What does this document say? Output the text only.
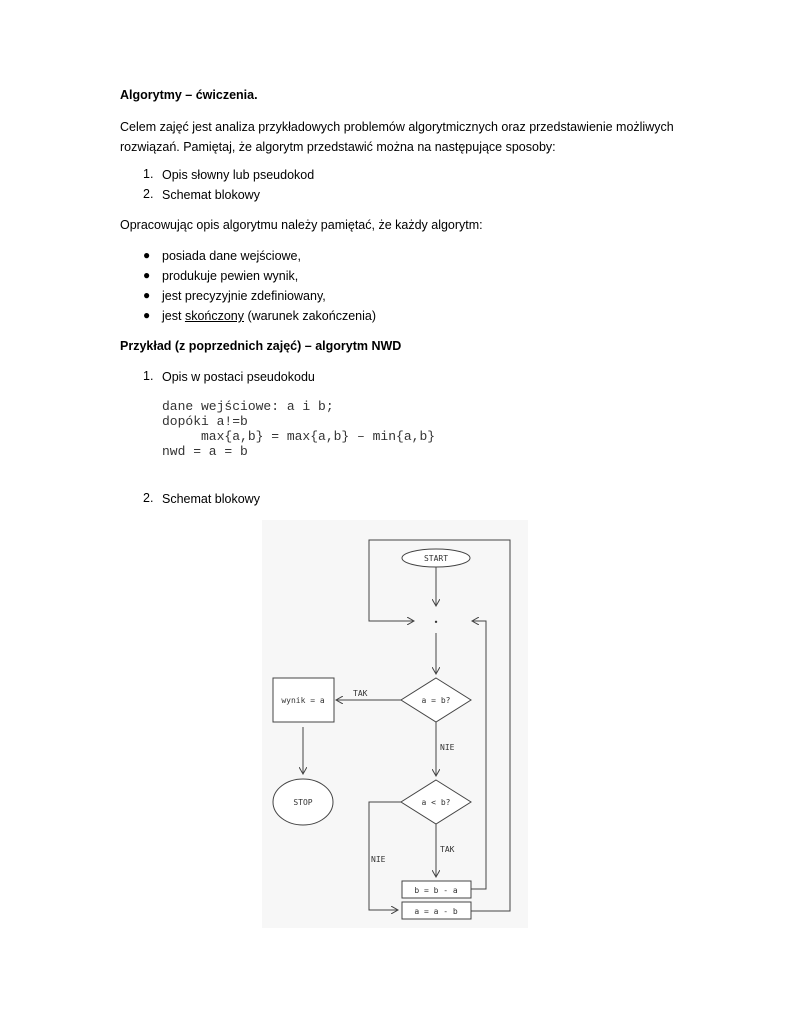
Algorytmy – ćwiczenia.
Celem zajęć jest analiza przykładowych problemów algorytmicznych oraz przedstawienie możliwych rozwiązań. Pamiętaj, że algorytm przedstawić można na następujące sposoby:
1. Opis słowny lub pseudokod
2. Schemat blokowy
Opracowując opis algorytmu należy pamiętać, że każdy algorytm:
● posiada dane wejściowe,
● produkuje pewien wynik,
● jest precyzyjnie zdefiniowany,
● jest skończony (warunek zakończenia)
Przykład (z poprzednich zajęć) – algorytm NWD
1. Opis w postaci pseudokodu
dane wejściowe: a i b;
dopóki a!=b
max{a,b} = max{a,b} – min{a,b}
nwd = a = b
2. Schemat blokowy
START
•
a = b?
TAK
NIE
wynik = a
STOP	a < b?
TAK
NIE
b = b - a
a = a - b
